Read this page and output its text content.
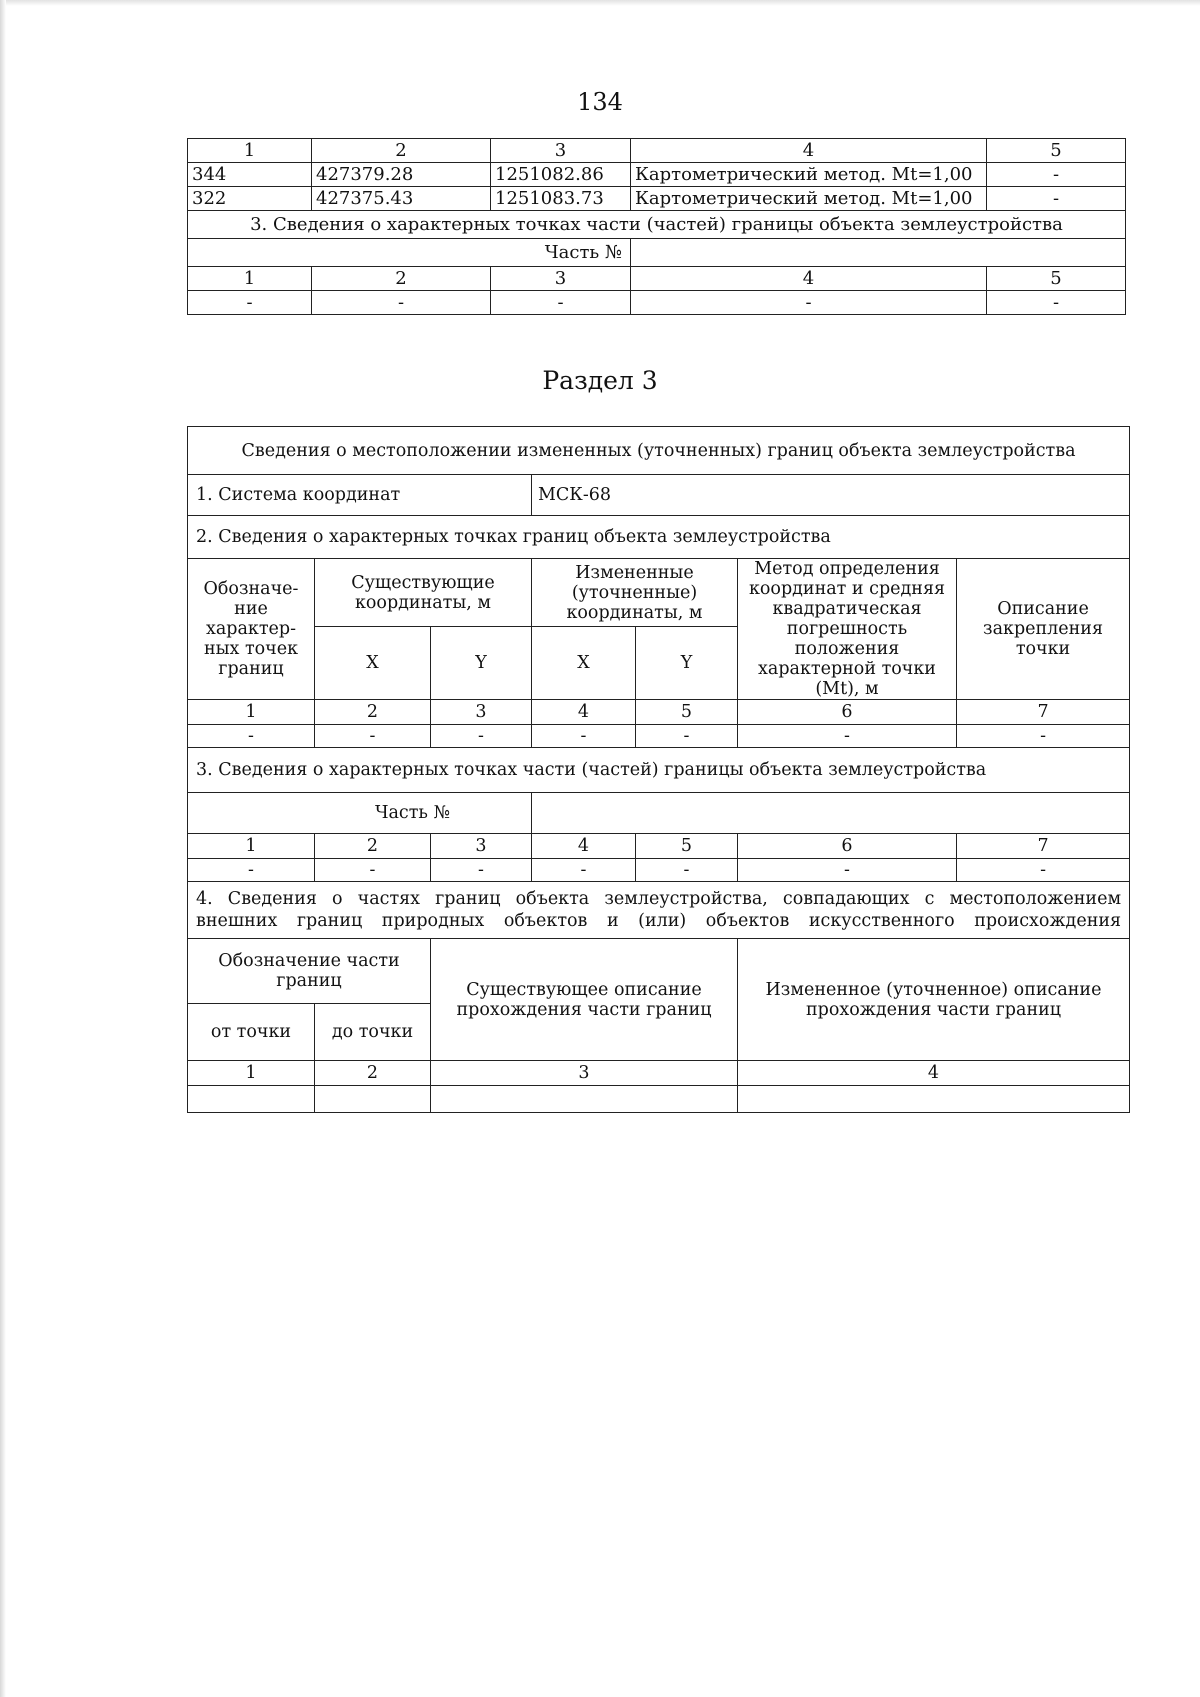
134
1	2	3	4	5
344	427379.28	1251082.86	Картометрический метод. Mt=1,00	-
322	427375.43	1251083.73	Картометрический метод. Mt=1,00	-
3. Сведения о характерных точках части (частей) границы объекта землеустройства				
Часть №				
1	2	3	4	5
-	-	-	-	-
Раздел 3
Сведения о местоположении измененных (уточненных) границ объекта землеустройства						
1. Система координат			МСК-68			
2. Сведения о характерных точках границ объекта землеустройства						
Обозначе-ние характер-ных точек границ	Существующие координаты, м		Измененные (уточненные) координаты, м		Метод определения координат и средняя квадратическая погрешность положения характерной точки (Mt), м	Описание закрепления точки
	X	Y	X	Y		
1	2	3	4	5	6	7
-	-	-	-	-	-	-
3. Сведения о характерных точках части (частей) границы объекта землеустройства						
Часть №						
1	2	3	4	5	6	7
-	-	-	-	-	-	-
4. Сведения о частях границ объекта землеустройства, совпадающих с местоположением внешних границ природных объектов и (или) объектов искусственного происхождения						
Обозначение части границ		Существующее описание прохождения части границ	Измененное (уточненное) описание прохождения части границ
от точки	до точки		
1	2	3	4
